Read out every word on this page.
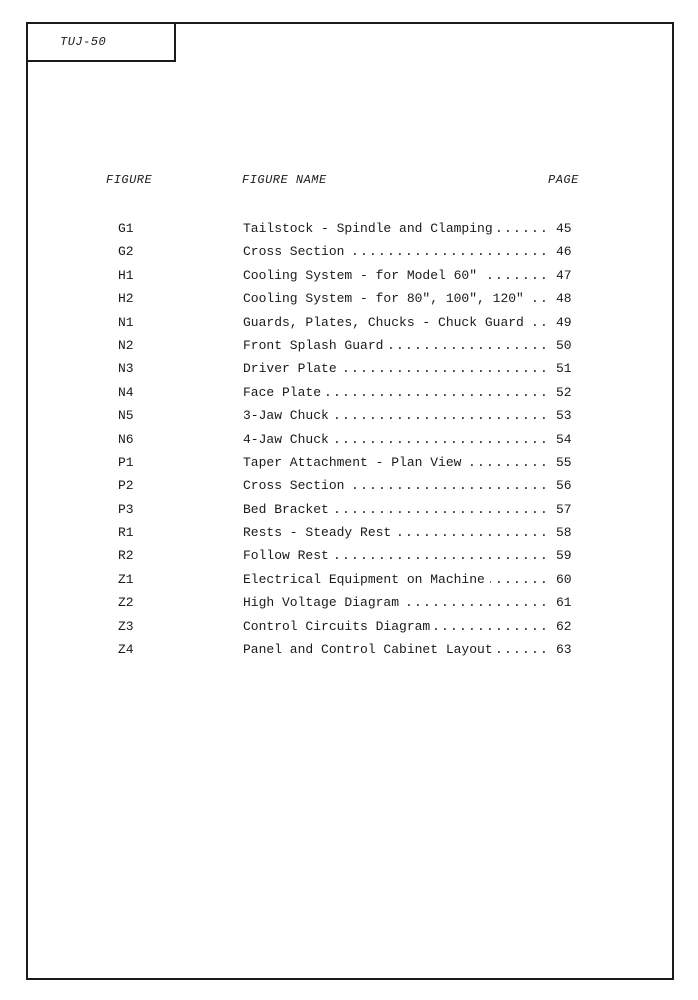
TUJ-50
FIGURE	FIGURE NAME	PAGE
G1	Tailstock - Spindle and Clamping .....	45
G2	Cross Section .....	46
H1	Cooling System - for Model 60" .....	47
H2	Cooling System - for 80", 100", 120" .....	48
N1	Guards, Plates, Chucks - Chuck Guard .....	49
N2	Front Splash Guard .....	50
N3	Driver Plate .....	51
N4	Face Plate .....	52
N5	3-Jaw Chuck .....	53
N6	4-Jaw Chuck .....	54
P1	Taper Attachment - Plan View .....	55
P2	Cross Section .....	56
P3	Bed Bracket .....	57
R1	Rests - Steady Rest .....	58
R2	Follow Rest .....	59
Z1	Electrical Equipment on Machine .....	60
Z2	High Voltage Diagram .....	61
Z3	Control Circuits Diagram .....	62
Z4	Panel and Control Cabinet Layout .....	63
